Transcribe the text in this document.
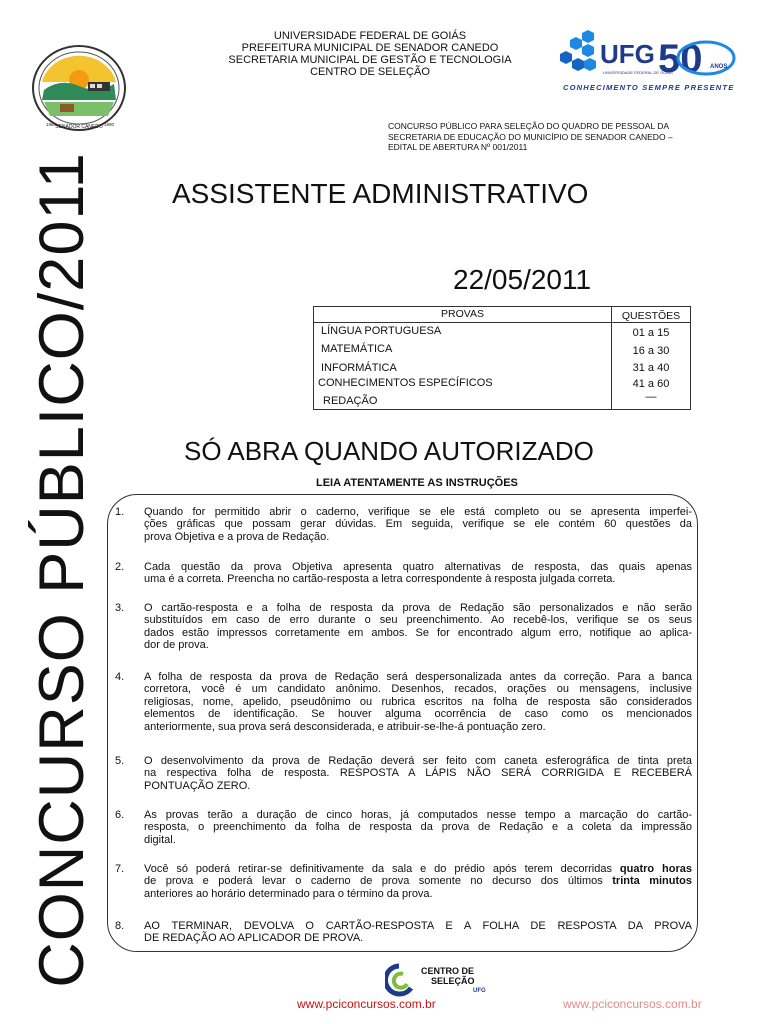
CONCURSO PÚBLICO/2011
SENADOR CANEDO
1988	1990
UNIVERSIDADE FEDERAL DE GOIÁS
PREFEITURA MUNICIPAL DE SENADOR CANEDO
SECRETARIA MUNICIPAL DE GESTÃO E TECNOLOGIA
CENTRO DE SELEÇÃO
UFG 50 ANOS
UNIVERSIDADE FEDERAL DE GOIÁS
CONHECIMENTO SEMPRE PRESENTE
CONCURSO PÚBLICO PARA SELEÇÃO DO QUADRO DE PESSOAL DA
SECRETARIA DE EDUCAÇÃO DO MUNICÍPIO DE SENADOR CANEDO –
EDITAL DE ABERTURA Nº 001/2011
ASSISTENTE ADMINISTRATIVO
22/05/2011
PROVAS	QUESTÕES
LÍNGUA PORTUGUESA	01 a 15
MATEMÁTICA	16 a 30
INFORMÁTICA	31 a 40
CONHECIMENTOS ESPECÍFICOS	41 a 60
REDAÇÃO	—
SÓ ABRA QUANDO AUTORIZADO
LEIA ATENTAMENTE AS INSTRUÇÕES
1.	Quando for permitido abrir o caderno, verifique se ele está completo ou se apresenta imperfei-
ções gráficas que possam gerar dúvidas. Em seguida, verifique se ele contém 60 questões da
prova Objetiva e a prova de Redação.
2.	Cada questão da prova Objetiva apresenta quatro alternativas de resposta, das quais apenas
uma é a correta. Preencha no cartão-resposta a letra correspondente à resposta julgada correta.
3.	O cartão-resposta e a folha de resposta da prova de Redação são personalizados e não serão
substituídos em caso de erro durante o seu preenchimento. Ao recebê-los, verifique se os seus
dados estão impressos corretamente em ambos. Se for encontrado algum erro, notifique ao aplica-
dor de prova.
4.	A folha de resposta da prova de Redação será despersonalizada antes da correção. Para a banca
corretora, você é um candidato anônimo. Desenhos, recados, orações ou mensagens, inclusive
religiosas, nome, apelido, pseudônimo ou rubrica escritos na folha de resposta são considerados
elementos de identificação. Se houver alguma ocorrência de caso como os mencionados
anteriormente, sua prova será desconsiderada, e atribuir-se-lhe-á pontuação zero.
5.	O desenvolvimento da prova de Redação deverá ser feito com caneta esferográfica de tinta preta
na respectiva folha de resposta. RESPOSTA A LÁPIS NÃO SERÁ CORRIGIDA E RECEBERÁ
PONTUAÇÃO ZERO.
6.	As provas terão a duração de cinco horas, já computados nesse tempo a marcação do cartão-
resposta, o preenchimento da folha de resposta da prova de Redação e a coleta da impressão
digital.
7.	Você só poderá retirar-se definitivamente da sala e do prédio após terem decorridas quatro horas
de prova e poderá levar o caderno de prova somente no decurso dos últimos trinta minutos
anteriores ao horário determinado para o término da prova.
8.	AO TERMINAR, DEVOLVA O CARTÃO-RESPOSTA E A FOLHA DE RESPOSTA DA PROVA
DE REDAÇÃO AO APLICADOR DE PROVA.
CENTRO DE
SELEÇÃO
UFG
www.pciconcursos.com.br	www.pciconcursos.com.br
